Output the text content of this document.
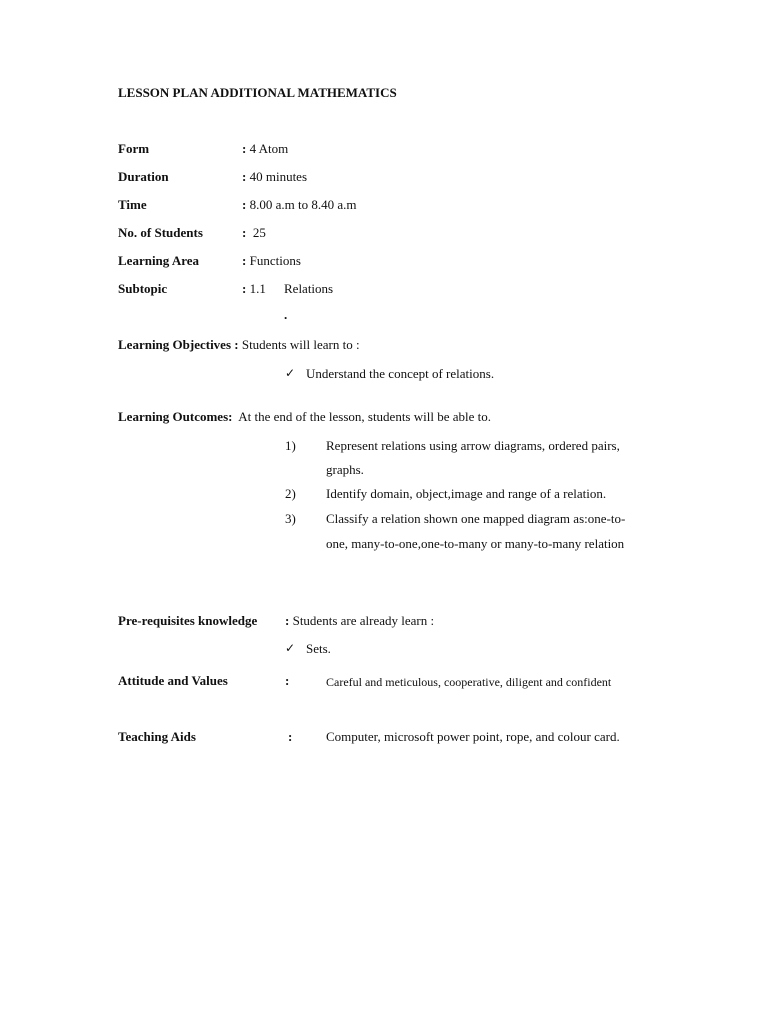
LESSON PLAN ADDITIONAL MATHEMATICS
Form	: 4 Atom
Duration	: 40 minutes
Time	: 8.00 a.m to 8.40 a.m
No. of Students	: 25
Learning Area	: Functions
Subtopic	: 1.1 Relations
.
Learning Objectives : Students will learn to :
✓ Understand the concept of relations.
Learning Outcomes: At the end of the lesson, students will be able to.
1) Represent relations using arrow diagrams, ordered pairs,
graphs.
2) Identify domain, object,image and range of a relation.
3) Classify a relation shown one mapped diagram as:one-to-
one, many-to-one,one-to-many or many-to-many relation
Pre-requisites knowledge : Students are already learn :
✓ Sets.
Attitude and Values	:	Careful and meticulous, cooperative, diligent and confident
Teaching Aids	:	Computer, microsoft power point, rope, and colour card.
